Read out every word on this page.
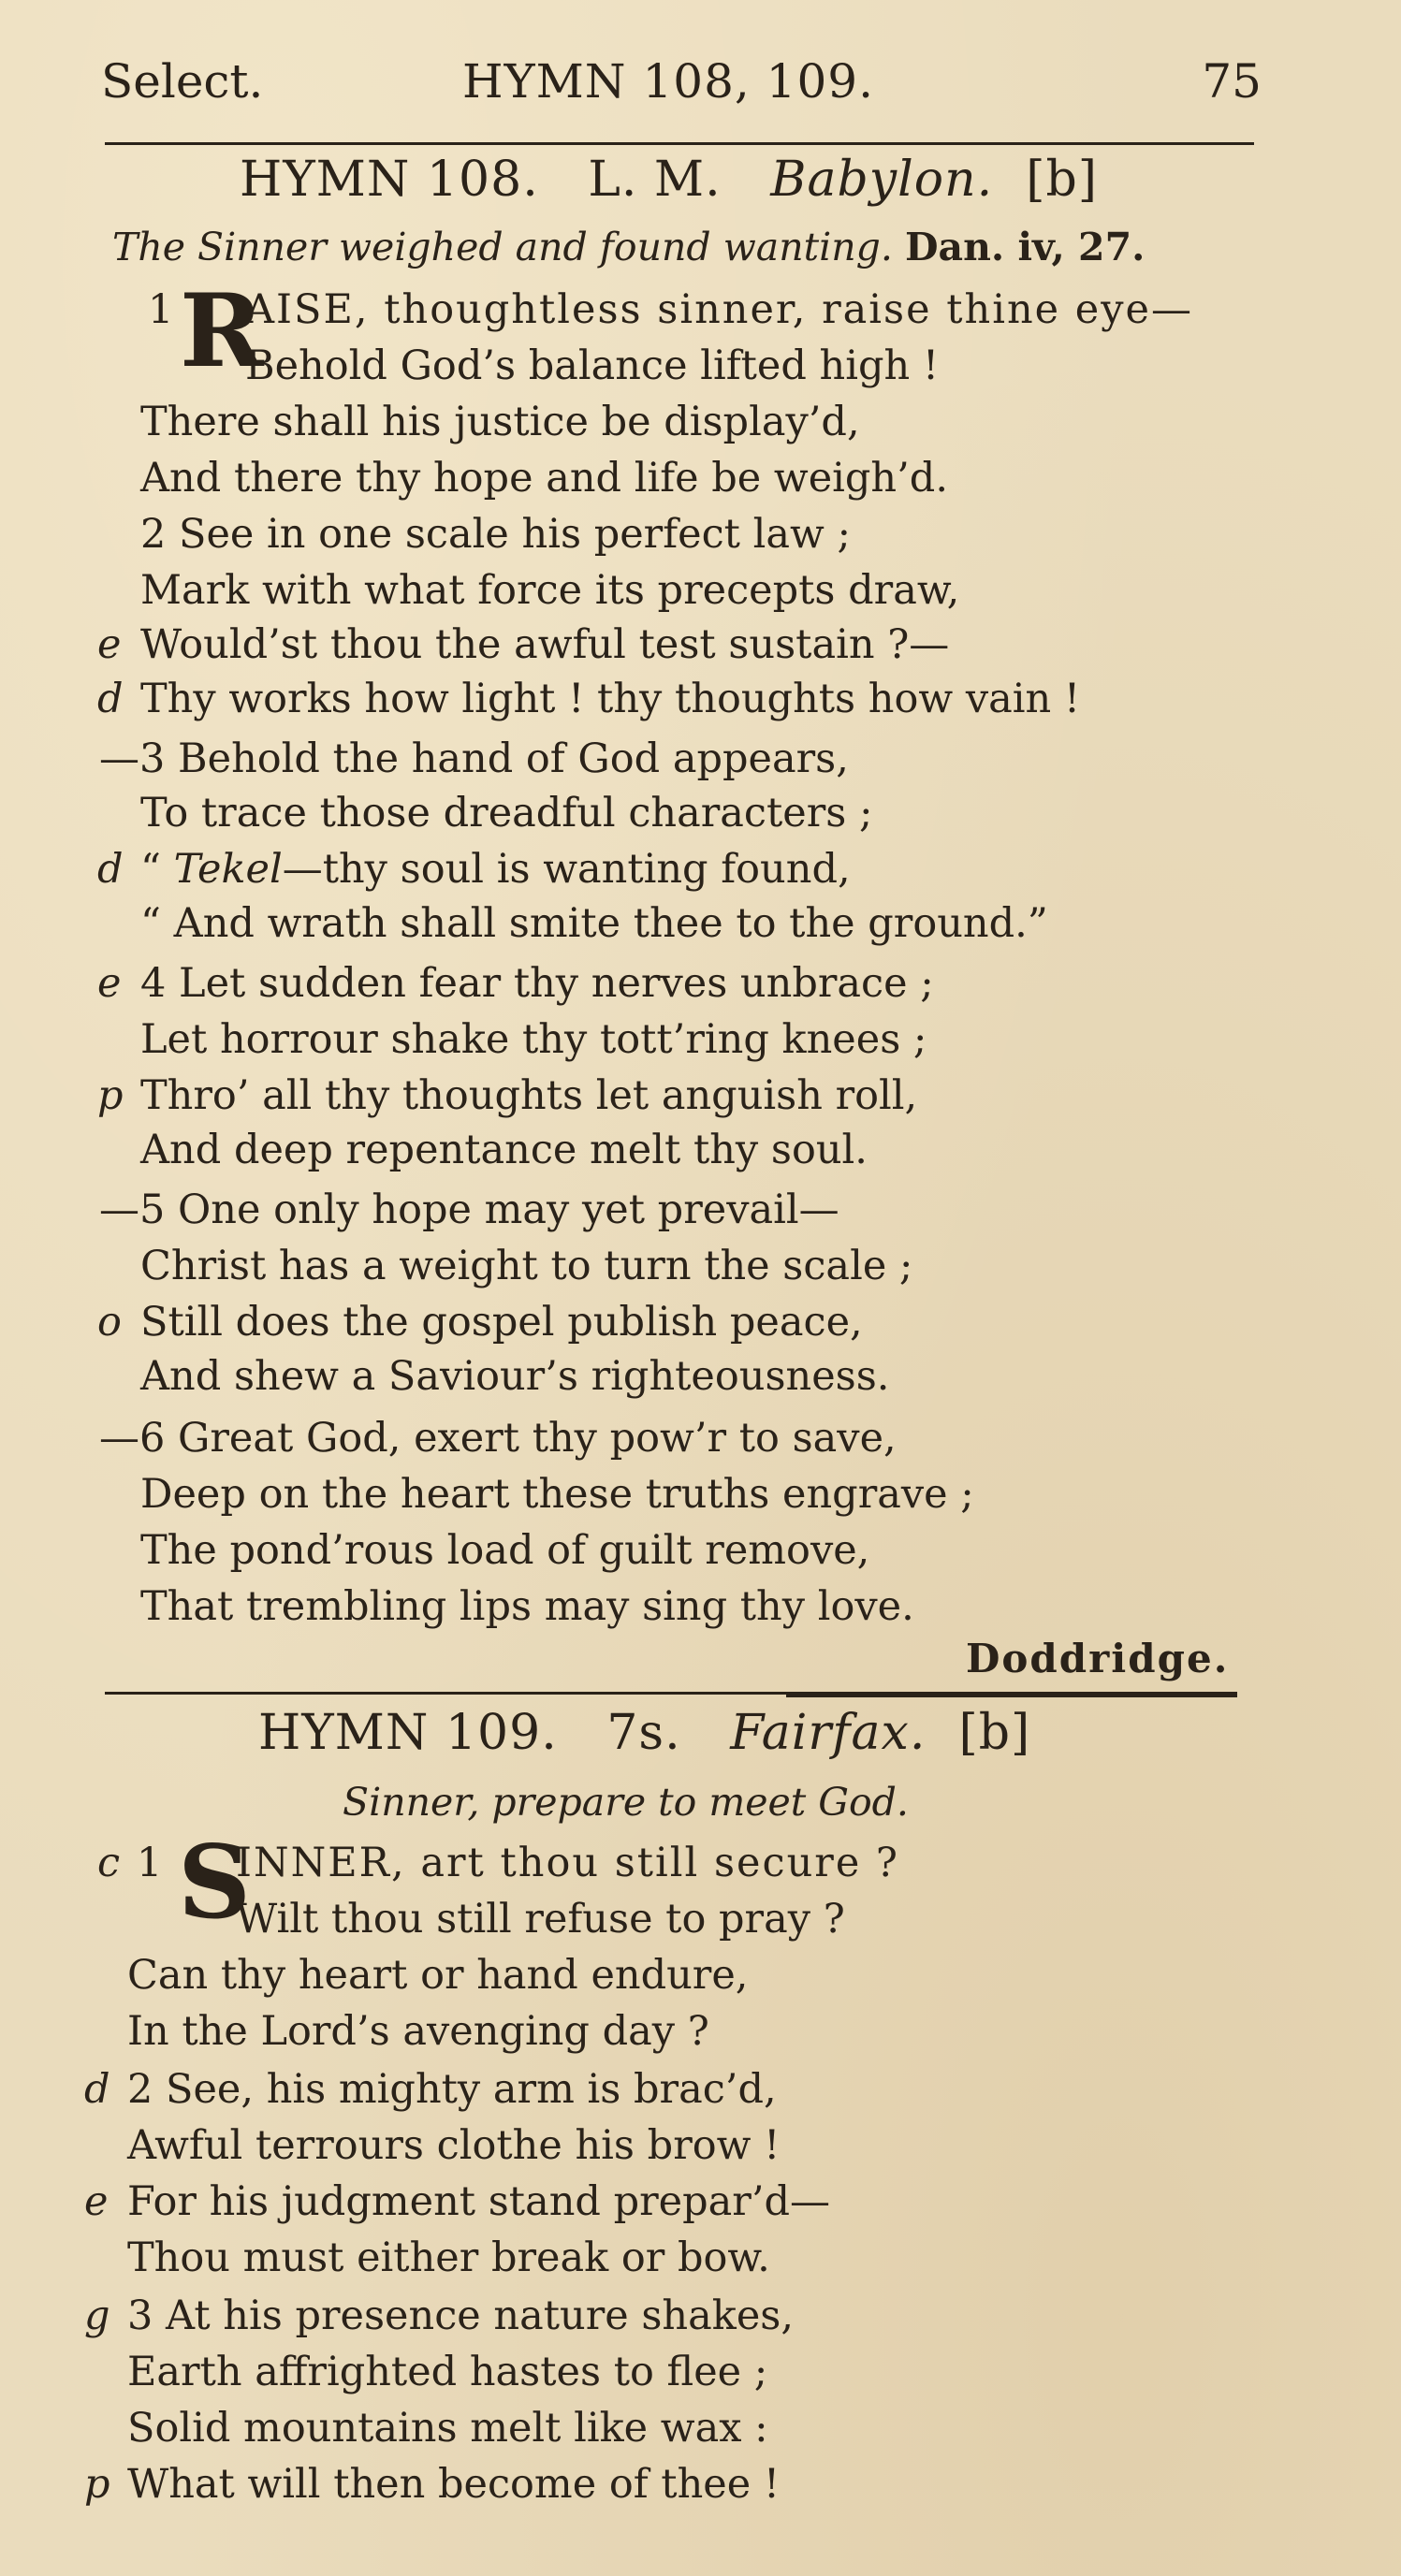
Select.	HYMN 108, 109.	75
HYMN 108. L. M. Babylon. [b]
The Sinner weighed and found wanting. Dan. iv, 27.
1 R
AISE, thoughtless sinner, raise thine eye—
Behold God’s balance lifted high !
There shall his justice be display’d,
And there thy hope and life be weigh’d.
2 See in one scale his perfect law ;
Mark with what force its precepts draw,
e Would’st thou the awful test sustain ?—
d Thy works how light ! thy thoughts how vain !
—3 Behold the hand of God appears,
To trace those dreadful characters ;
d “ Tekel—thy soul is wanting found,
“ And wrath shall smite thee to the ground.”
e 4 Let sudden fear thy nerves unbrace ;
Let horrour shake thy tott’ring knees ;
p Thro’ all thy thoughts let anguish roll,
And deep repentance melt thy soul.
—5 One only hope may yet prevail—
Christ has a weight to turn the scale ;
o Still does the gospel publish peace,
And shew a Saviour’s righteousness.
—6 Great God, exert thy pow’r to save,
Deep on the heart these truths engrave ;
The pond’rous load of guilt remove,
That trembling lips may sing thy love.
Doddridge.
HYMN 109. 7s. Fairfax. [b]
Sinner, prepare to meet God.
c 1 S
INNER, art thou still secure ?
Wilt thou still refuse to pray ?
Can thy heart or hand endure,
In the Lord’s avenging day ?
d 2 See, his mighty arm is brac’d,
Awful terrours clothe his brow !
e For his judgment stand prepar’d—
Thou must either break or bow.
g 3 At his presence nature shakes,
Earth affrighted hastes to flee ;
Solid mountains melt like wax :
p What will then become of thee !
